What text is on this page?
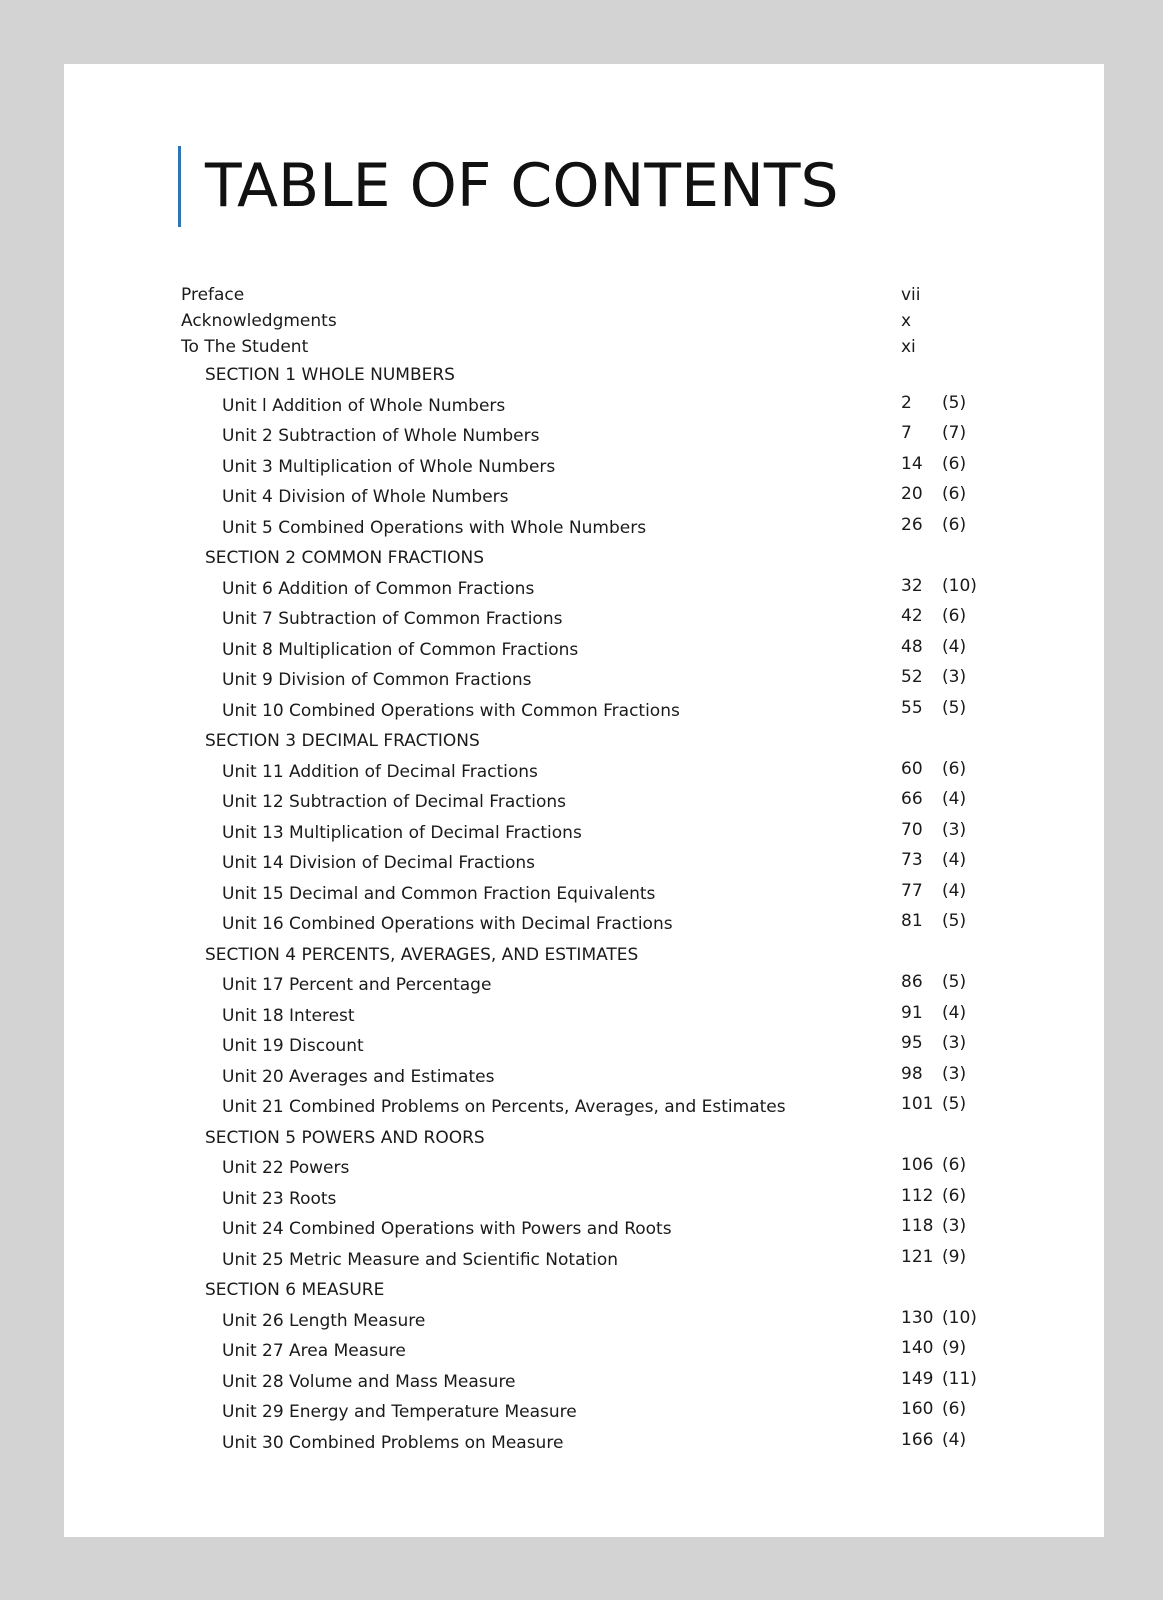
TABLE OF CONTENTS
Preface	vii
Acknowledgments	x
To The Student	xi
SECTION 1 WHOLE NUMBERS
Unit l Addition of Whole Numbers	2 (5)
Unit 2 Subtraction of Whole Numbers	7 (7)
Unit 3 Multiplication of Whole Numbers	14 (6)
Unit 4 Division of Whole Numbers	20 (6)
Unit 5 Combined Operations with Whole Numbers	26 (6)
SECTION 2 COMMON FRACTIONS
Unit 6 Addition of Common Fractions	32 (10)
Unit 7 Subtraction of Common Fractions	42 (6)
Unit 8 Multiplication of Common Fractions	48 (4)
Unit 9 Division of Common Fractions	52 (3)
Unit 10 Combined Operations with Common Fractions	55 (5)
SECTION 3 DECIMAL FRACTIONS
Unit 11 Addition of Decimal Fractions	60 (6)
Unit 12 Subtraction of Decimal Fractions	66 (4)
Unit 13 Multiplication of Decimal Fractions	70 (3)
Unit 14 Division of Decimal Fractions	73 (4)
Unit 15 Decimal and Common Fraction Equivalents	77 (4)
Unit 16 Combined Operations with Decimal Fractions	81 (5)
SECTION 4 PERCENTS, AVERAGES, AND ESTIMATES
Unit 17 Percent and Percentage	86 (5)
Unit 18 Interest	91 (4)
Unit 19 Discount	95 (3)
Unit 20 Averages and Estimates	98 (3)
Unit 21 Combined Problems on Percents, Averages, and Estimates	101 (5)
SECTION 5 POWERS AND ROORS
Unit 22 Powers	106 (6)
Unit 23 Roots	112 (6)
Unit 24 Combined Operations with Powers and Roots	118 (3)
Unit 25 Metric Measure and Scientific Notation	121 (9)
SECTION 6 MEASURE
Unit 26 Length Measure	130 (10)
Unit 27 Area Measure	140 (9)
Unit 28 Volume and Mass Measure	149 (11)
Unit 29 Energy and Temperature Measure	160 (6)
Unit 30 Combined Problems on Measure	166 (4)
